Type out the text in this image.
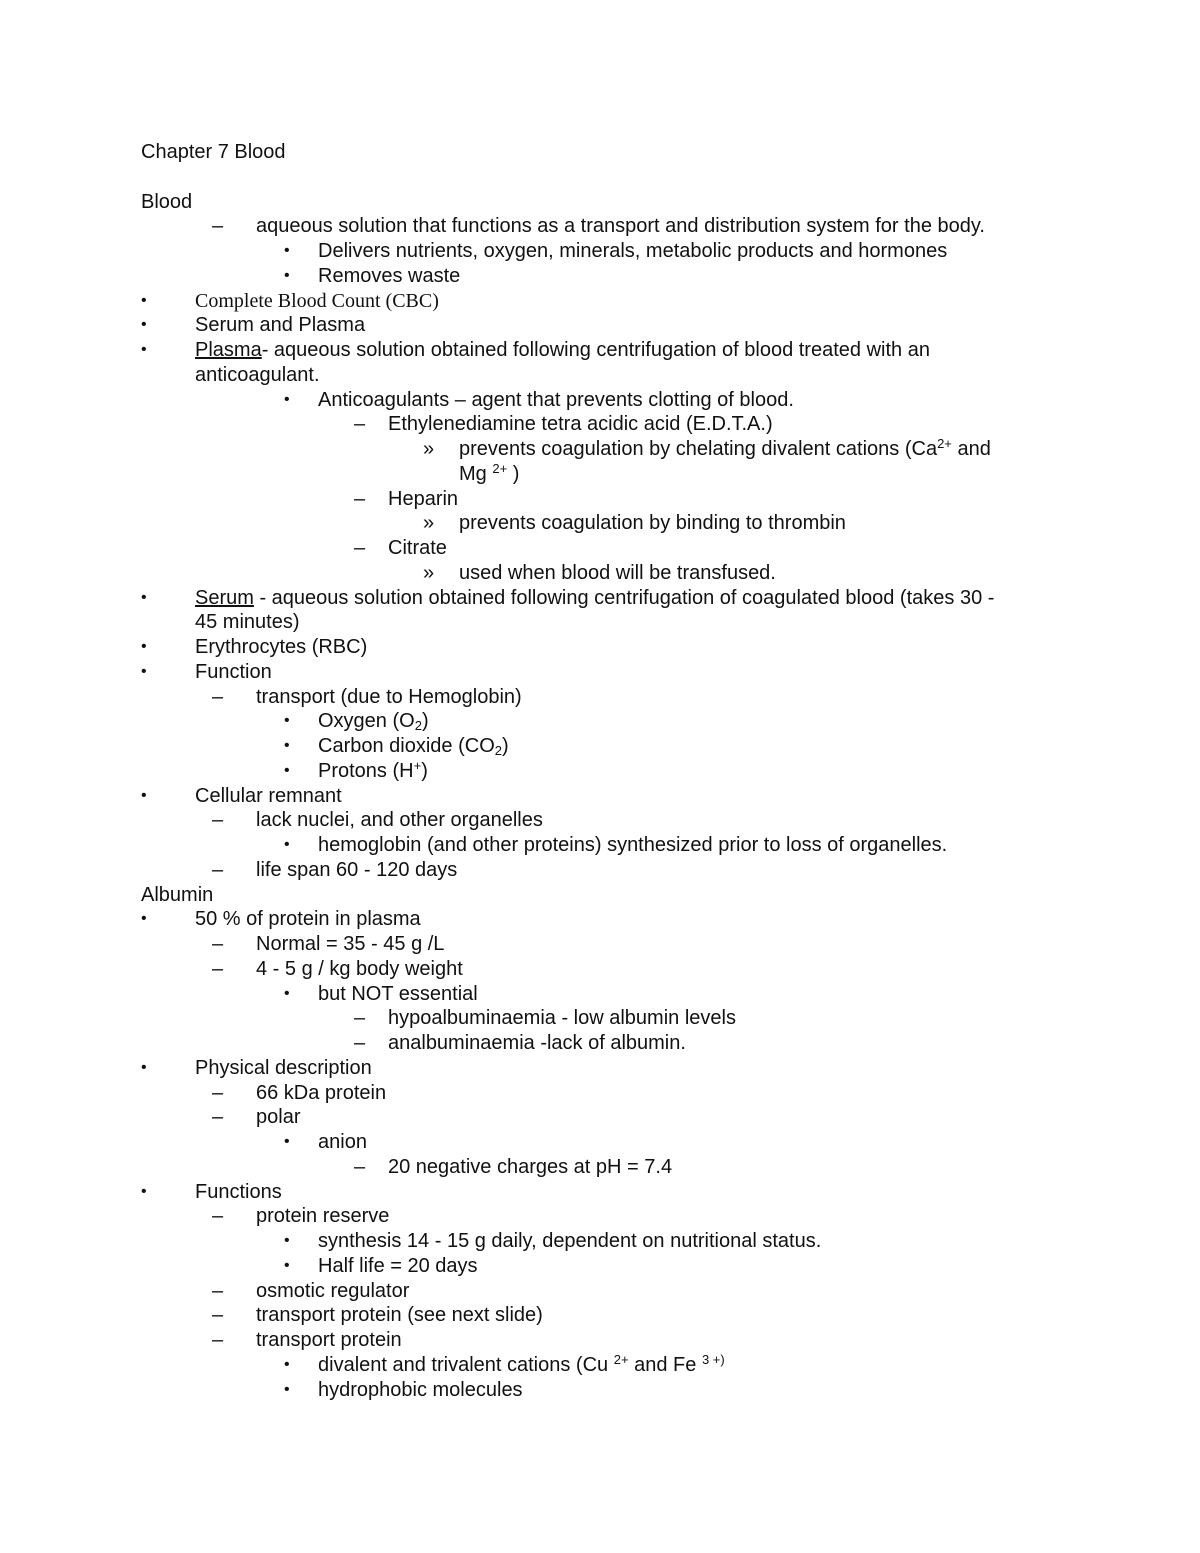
Chapter 7 Blood
Blood
– aqueous solution that functions as a transport and distribution system for the body.
• Delivers nutrients, oxygen, minerals, metabolic products and hormones
• Removes waste
• Complete Blood Count (CBC)
• Serum and Plasma
• Plasma- aqueous solution obtained following centrifugation of blood treated with an
anticoagulant.
• Anticoagulants – agent that prevents clotting of blood.
– Ethylenediamine tetra acidic acid (E.D.T.A.)
» prevents coagulation by chelating divalent cations ($Ca^{2+}$ and
Mg $^{2+}$ )
– Heparin
» prevents coagulation by binding to thrombin
– Citrate
» used when blood will be transfused.
• Serum - aqueous solution obtained following centrifugation of coagulated blood (takes 30 -
45 minutes)
• Erythrocytes (RBC)
• Function
– transport (due to Hemoglobin)
• Oxygen $(O_2)$
• Carbon dioxide $(CO_2)$
• Protons (H+)
• Cellular remnant
– lack nuclei, and other organelles
• hemoglobin (and other proteins) synthesized prior to loss of organelles.
– life span 60 - 120 days
Albumin
• 50 % of protein in plasma
– Normal = 35 - 45 g /L
– 4 - 5 g / kg body weight
• but NOT essential
– hypoalbuminaemia - low albumin levels
– analbuminaemia -lack of albumin.
• Physical description
– 66 kDa protein
– polar
• anion
– 20 negative charges at pH = 7.4
• Functions
– protein reserve
• synthesis 14 - 15 g daily, dependent on nutritional status.
• Half life = 20 days
– osmotic regulator
– transport protein (see next slide)
– transport protein
• divalent and trivalent cations (Cu $^{2+}$ and Fe $^{3 +)}$
• hydrophobic molecules
